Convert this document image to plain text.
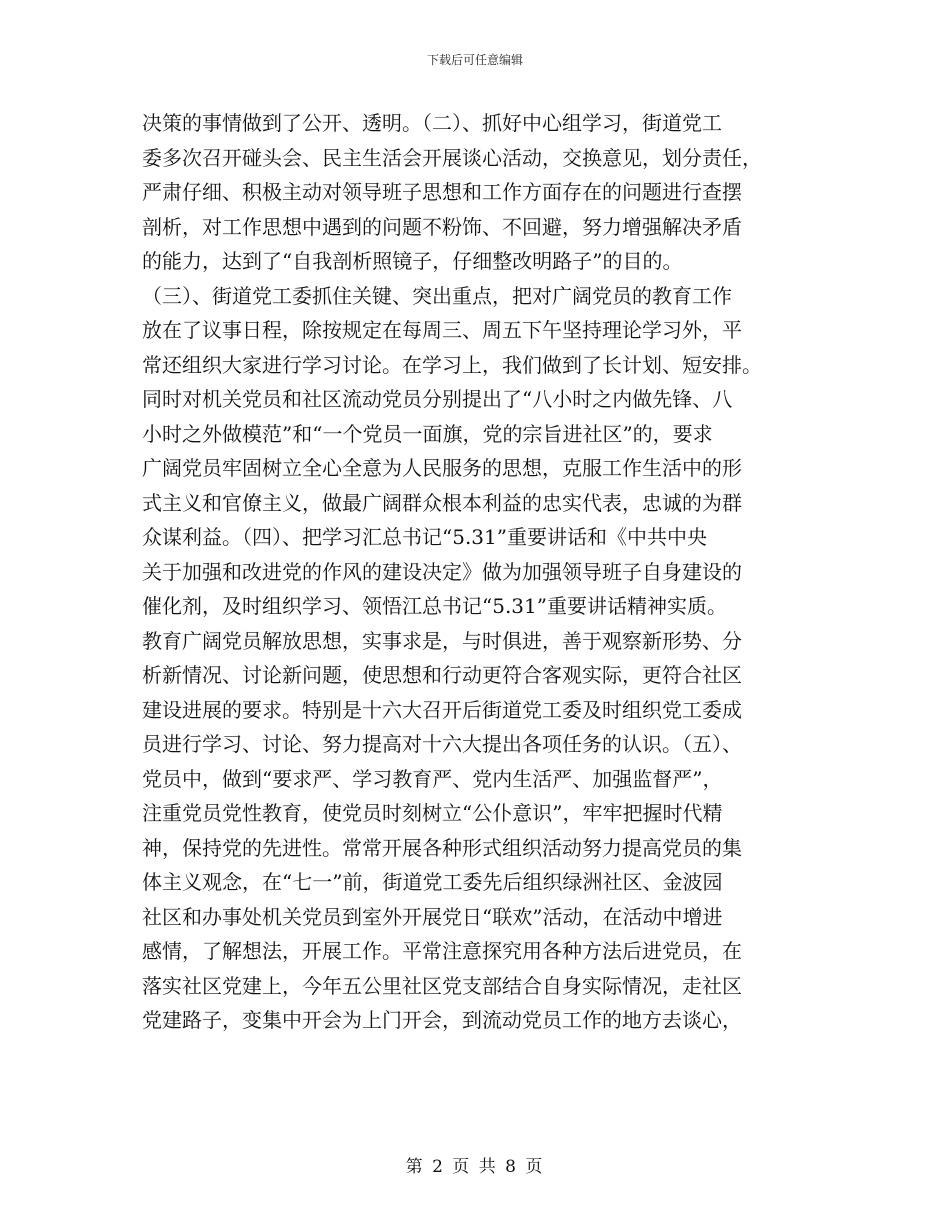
下载后可任意编辑
决策的事情做到了公开、透明。（二）、抓好中心组学习，街道党工
委多次召开碰头会、民主生活会开展谈心活动，交换意见，划分责任，
严肃仔细、积极主动对领导班子思想和工作方面存在的问题进行查摆
剖析，对工作思想中遇到的问题不粉饰、不回避，努力增强解决矛盾
的能力，达到了“自我剖析照镜子，仔细整改明路子”的目的。
（三）、街道党工委抓住关键、突出重点，把对广阔党员的教育工作
放在了议事日程，除按规定在每周三、周五下午坚持理论学习外，平
常还组织大家进行学习讨论。在学习上，我们做到了长计划、短安排。
同时对机关党员和社区流动党员分别提出了“八小时之内做先锋、八
小时之外做模范”和“一个党员一面旗，党的宗旨进社区”的，要求
广阔党员牢固树立全心全意为人民服务的思想，克服工作生活中的形
式主义和官僚主义，做最广阔群众根本利益的忠实代表，忠诚的为群
众谋利益。（四）、把学习汇总书记“5.31”重要讲话和《中共中央
关于加强和改进党的作风的建设决定》做为加强领导班子自身建设的
催化剂，及时组织学习、领悟江总书记“5.31”重要讲话精神实质。
教育广阔党员解放思想，实事求是，与时俱进，善于观察新形势、分
析新情况、讨论新问题，使思想和行动更符合客观实际，更符合社区
建设进展的要求。特别是十六大召开后街道党工委及时组织党工委成
员进行学习、讨论、努力提高对十六大提出各项任务的认识。（五）、
党员中，做到“要求严、学习教育严、党内生活严、加强监督严”，
注重党员党性教育，使党员时刻树立“公仆意识”，牢牢把握时代精
神，保持党的先进性。常常开展各种形式组织活动努力提高党员的集
体主义观念，在“七一”前，街道党工委先后组织绿洲社区、金波园
社区和办事处机关党员到室外开展党日“联欢”活动，在活动中增进
感情，了解想法，开展工作。平常注意探究用各种方法后进党员，在
落实社区党建上，今年五公里社区党支部结合自身实际情况，走社区
党建路子，变集中开会为上门开会，到流动党员工作的地方去谈心，
第 2 页 共 8 页
